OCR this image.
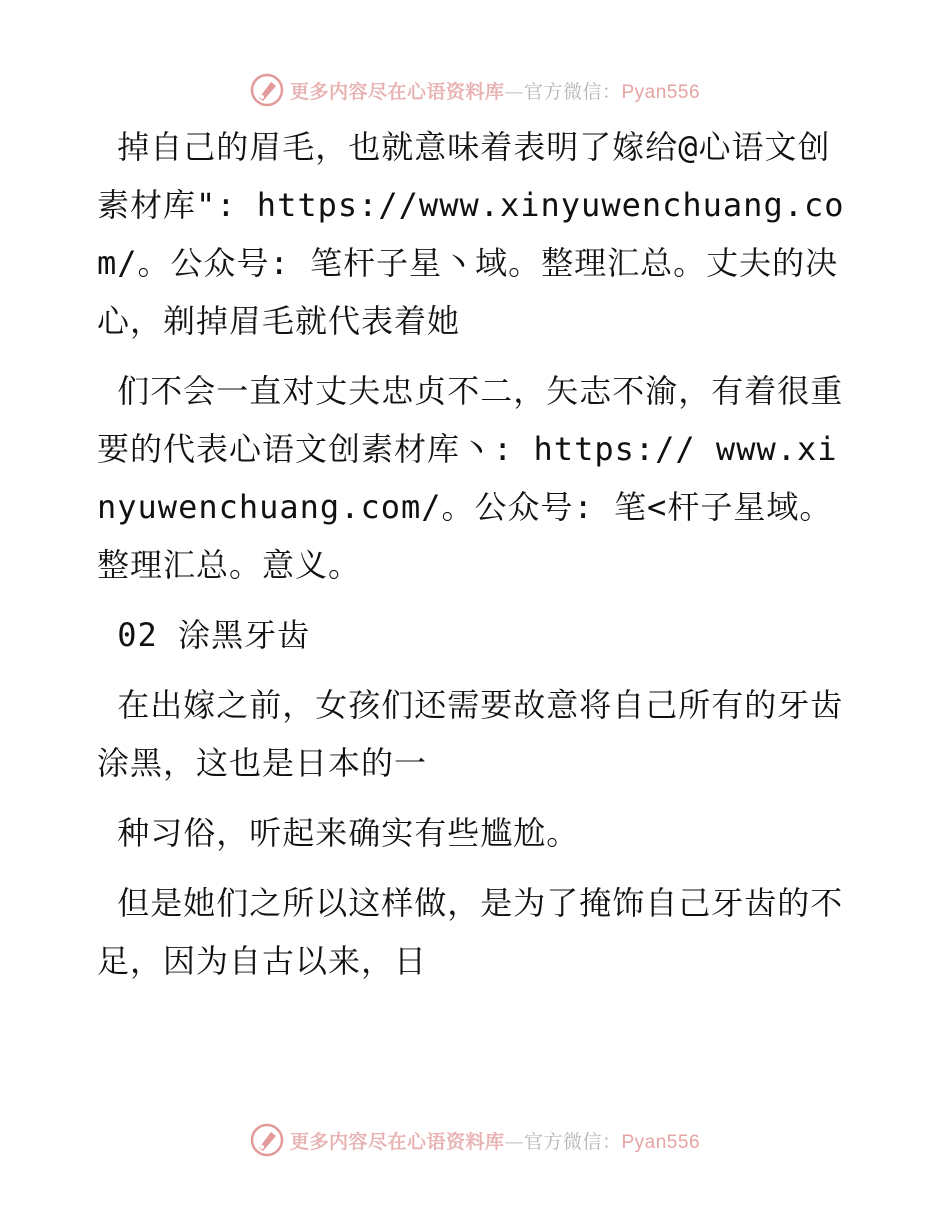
更多内容尽在心语资料库—官方微信：Pyan556

掉自己的眉毛，也就意味着表明了嫁给@心语文创素材库": https://www.xinyuwenchuang.com/。公众号: 笔杆子星丶域。整理汇总。丈夫的决心，剃掉眉毛就代表着她

们不会一直对丈夫忠贞不二，矢志不渝，有着很重要的代表心语文创素材库丶: https:// www.xinyuwenchuang.com/。公众号: 笔<杆子星域。整理汇总。意义。

02 涂黑牙齿

在出嫁之前，女孩们还需要故意将自己所有的牙齿涂黑，这也是日本的一

种习俗，听起来确实有些尴尬。

但是她们之所以这样做，是为了掩饰自己牙齿的不足，因为自古以来，日

更多内容尽在心语资料库—官方微信：Pyan556
